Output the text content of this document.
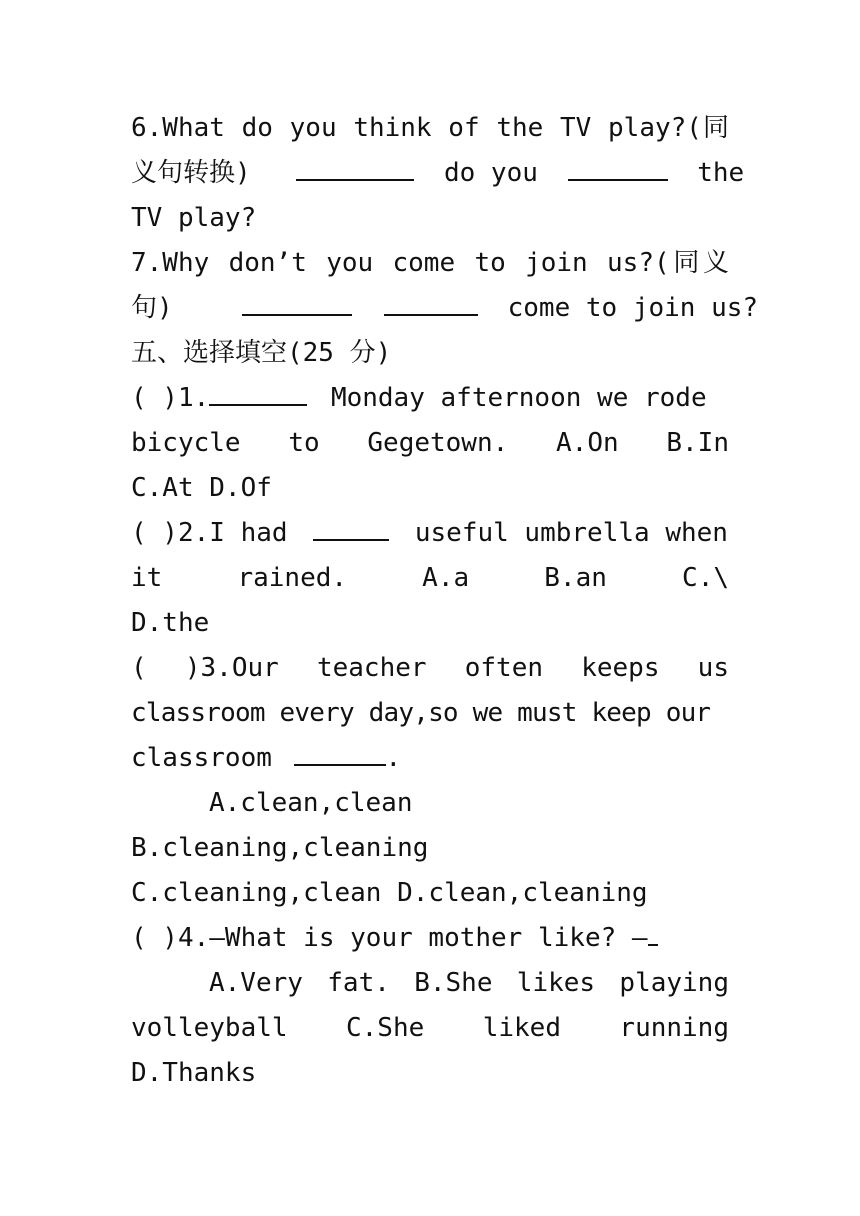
6.What do you think of the TV play?(同
义句转换)	do you	the
TV play?
7.Why don’t you come to join us?(同义
句)	come to join us?
五、选择填空(25 分)
( )1.	Monday afternoon we rode
bicycle to Gegetown. A.On B.In
C.At D.Of
( )2.I had	useful umbrella when
it rained. A.a B.an C.\
D.the
( )3.Our teacher often keeps us
classroom every day,so we must keep our
classroom	.
A.clean,clean
B.cleaning,cleaning
C.cleaning,clean D.clean,cleaning
( )4.—What is your mother like? —
A.Very fat. B.She likes playing
volleyball C.She liked running
D.Thanks
